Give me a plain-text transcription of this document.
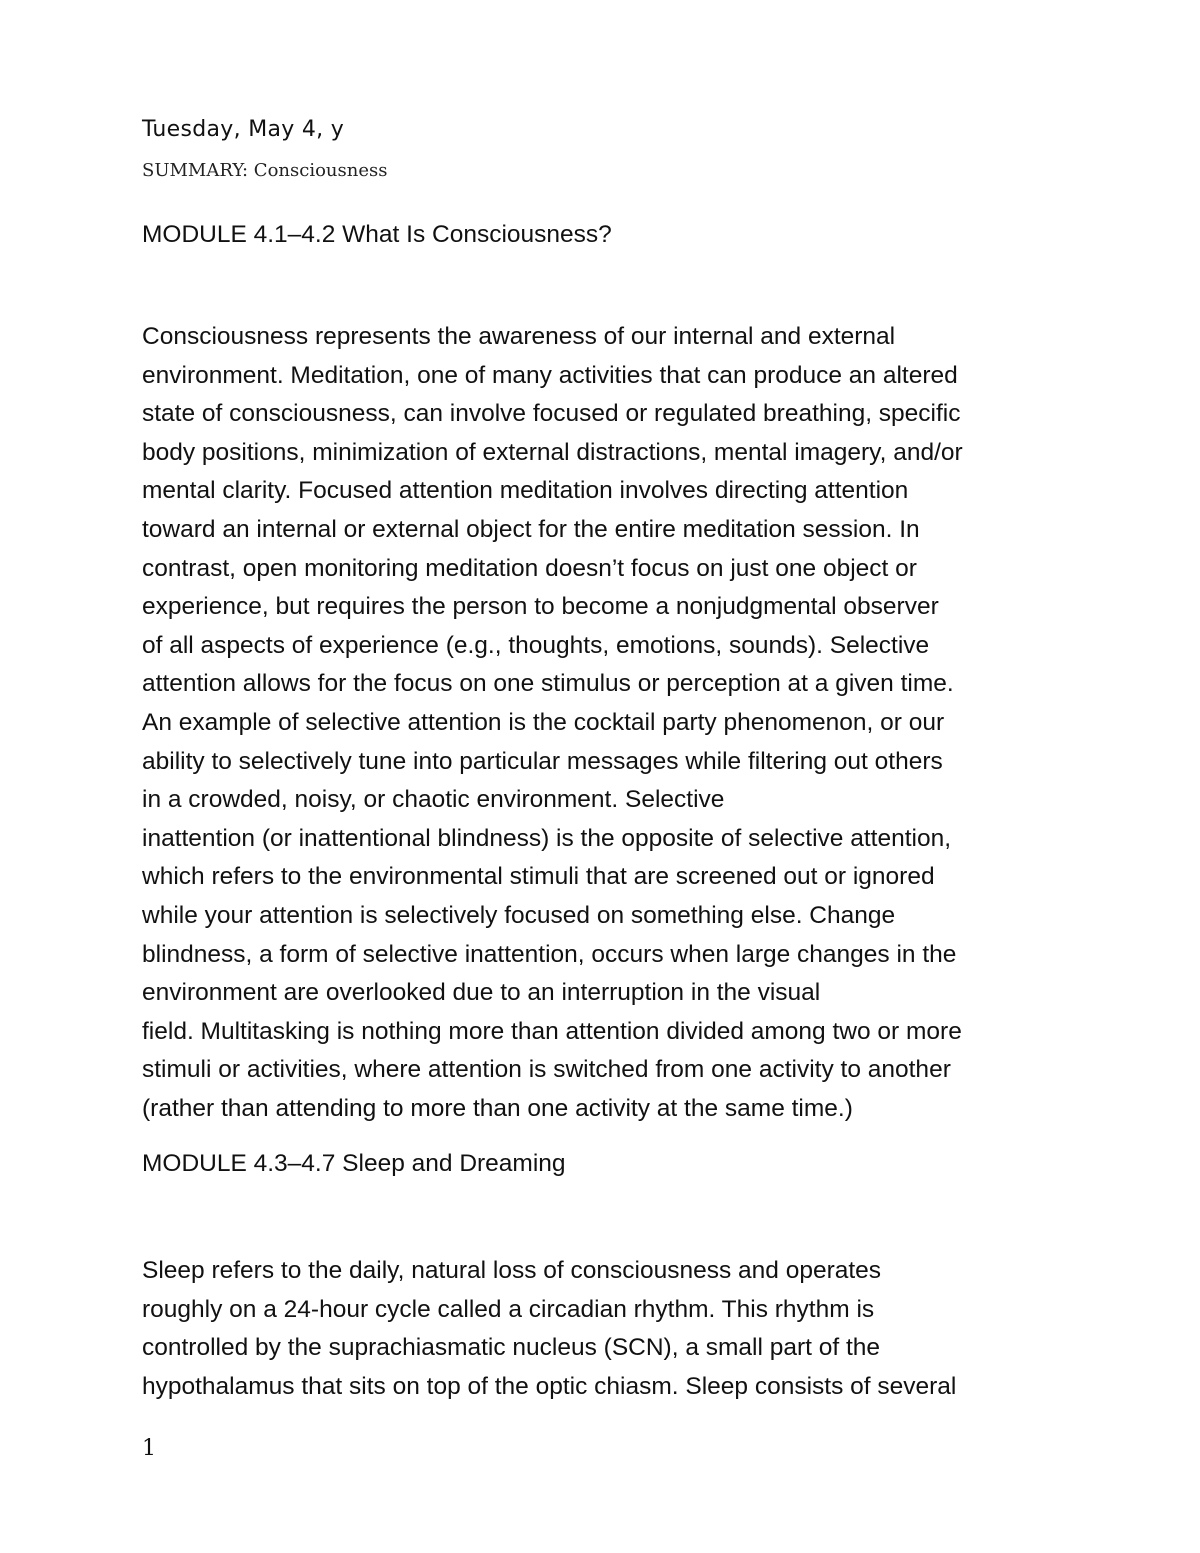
Tuesday, May 4, y
SUMMARY: Consciousness
MODULE 4.1–4.2 What Is Consciousness?
Consciousness represents the awareness of our internal and external
environment. Meditation, one of many activities that can produce an altered
state of consciousness, can involve focused or regulated breathing, specific
body positions, minimization of external distractions, mental imagery, and/or
mental clarity. Focused attention meditation involves directing attention
toward an internal or external object for the entire meditation session. In
contrast, open monitoring meditation doesn’t focus on just one object or
experience, but requires the person to become a nonjudgmental observer
of all aspects of experience (e.g., thoughts, emotions, sounds). Selective
attention allows for the focus on one stimulus or perception at a given time.
An example of selective attention is the cocktail party phenomenon, or our
ability to selectively tune into particular messages while filtering out others
in a crowded, noisy, or chaotic environment. Selective
inattention (or inattentional blindness) is the opposite of selective attention,
which refers to the environmental stimuli that are screened out or ignored
while your attention is selectively focused on something else. Change
blindness, a form of selective inattention, occurs when large changes in the
environment are overlooked due to an interruption in the visual
field. Multitasking is nothing more than attention divided among two or more
stimuli or activities, where attention is switched from one activity to another
(rather than attending to more than one activity at the same time.)
MODULE 4.3–4.7 Sleep and Dreaming
Sleep refers to the daily, natural loss of consciousness and operates
roughly on a 24-hour cycle called a circadian rhythm. This rhythm is
controlled by the suprachiasmatic nucleus (SCN), a small part of the
hypothalamus that sits on top of the optic chiasm. Sleep consists of several
1
